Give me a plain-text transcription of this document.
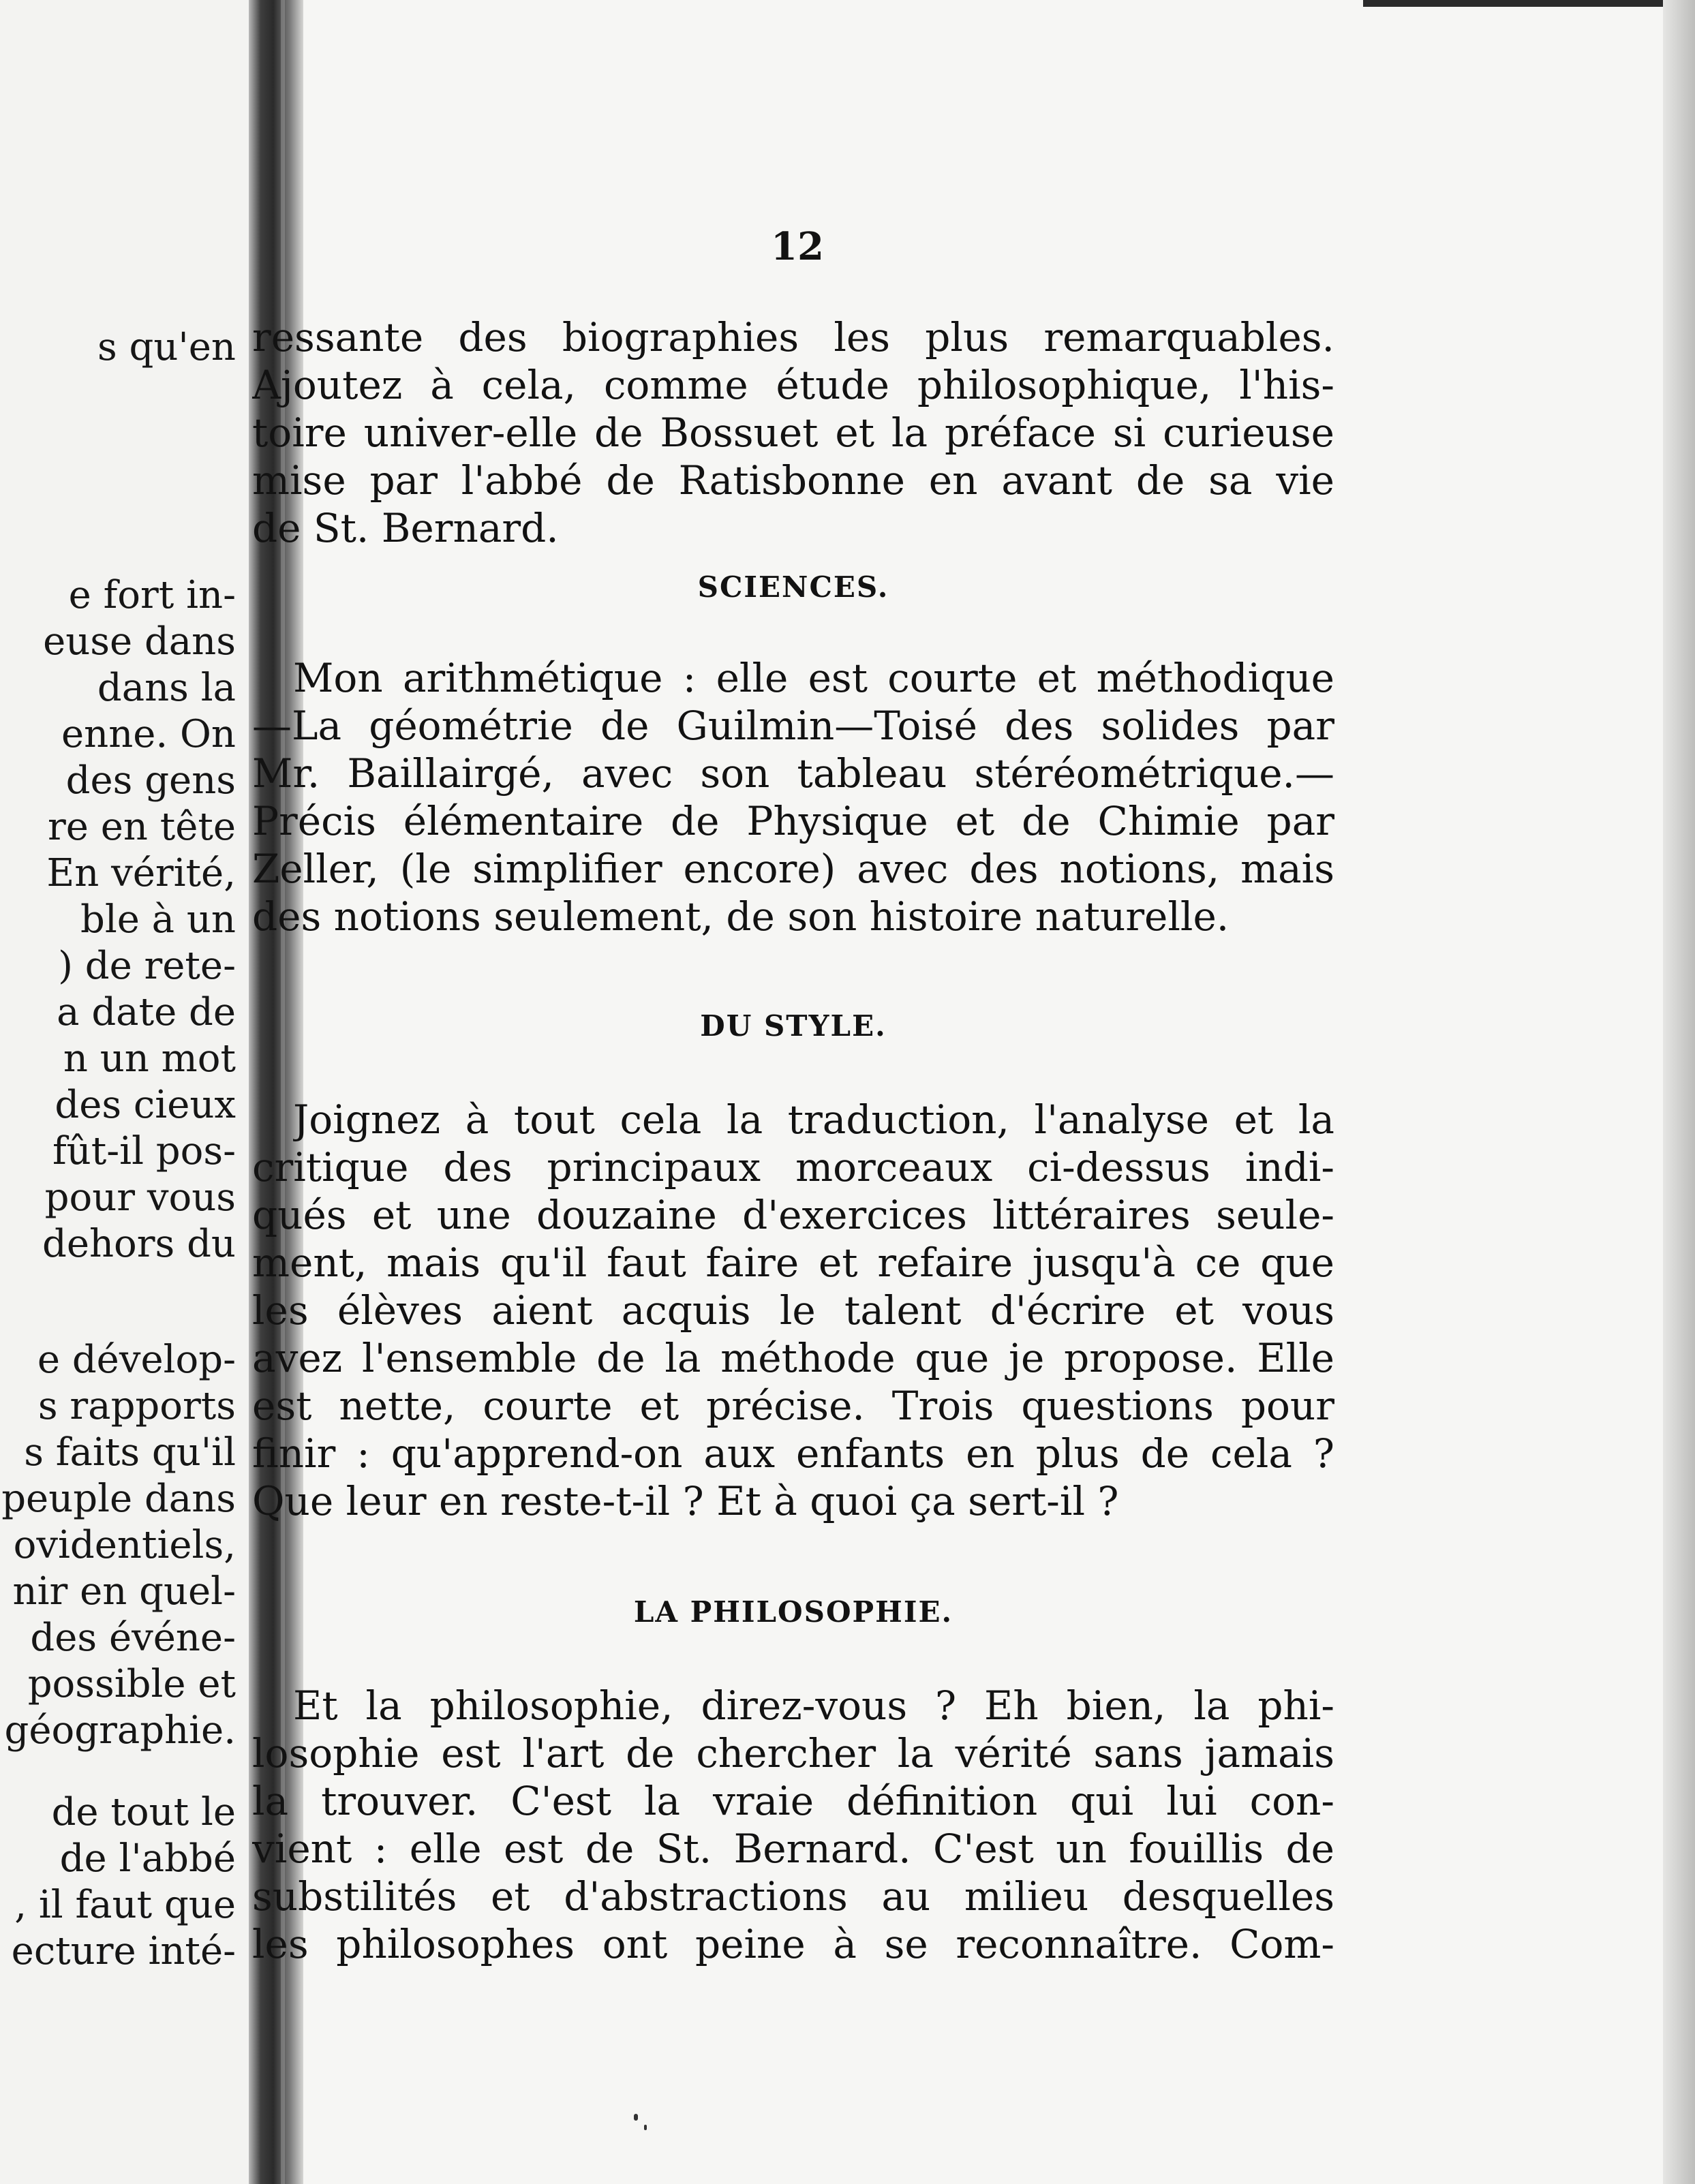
s qu'en
e fort in-
euse dans
dans la
enne. On
des gens
re en tête
En vérité,
ble à un
) de rete-
a date de
n un mot
des cieux
fût-il pos-
pour vous
dehors du
e dévelop-
s rapports
s faits qu'il
peuple dans
ovidentiels,
nir en quel-
des événe-
possible et
géographie.
de tout le
de l'abbé
, il faut que
ecture inté-
12
ressante des biographies les plus remarquables.
Ajoutez à cela, comme étude philosophique, l'his-
toire univer-elle de Bossuet et la préface si curieuse
mise par l'abbé de Ratisbonne en avant de sa vie
de St. Bernard.
SCIENCES.
Mon arithmétique : elle est courte et méthodique
—La géométrie de Guilmin—Toisé des solides par
Mr. Baillairgé, avec son tableau stéréométrique.—
Précis élémentaire de Physique et de Chimie par
Zeller, (le simplifier encore) avec des notions, mais
des notions seulement, de son histoire naturelle.
DU STYLE.
Joignez à tout cela la traduction, l'analyse et la
critique des principaux morceaux ci-dessus indi-
qués et une douzaine d'exercices littéraires seule-
ment, mais qu'il faut faire et refaire jusqu'à ce que
les élèves aient acquis le talent d'écrire et vous
avez l'ensemble de la méthode que je propose. Elle
est nette, courte et précise. Trois questions pour
finir : qu'apprend-on aux enfants en plus de cela ?
Que leur en reste-t-il ? Et à quoi ça sert-il ?
LA PHILOSOPHIE.
Et la philosophie, direz-vous ? Eh bien, la phi-
losophie est l'art de chercher la vérité sans jamais
la trouver. C'est la vraie définition qui lui con-
vient : elle est de St. Bernard. C'est un fouillis de
substilités et d'abstractions au milieu desquelles
les philosophes ont peine à se reconnaître. Com-
